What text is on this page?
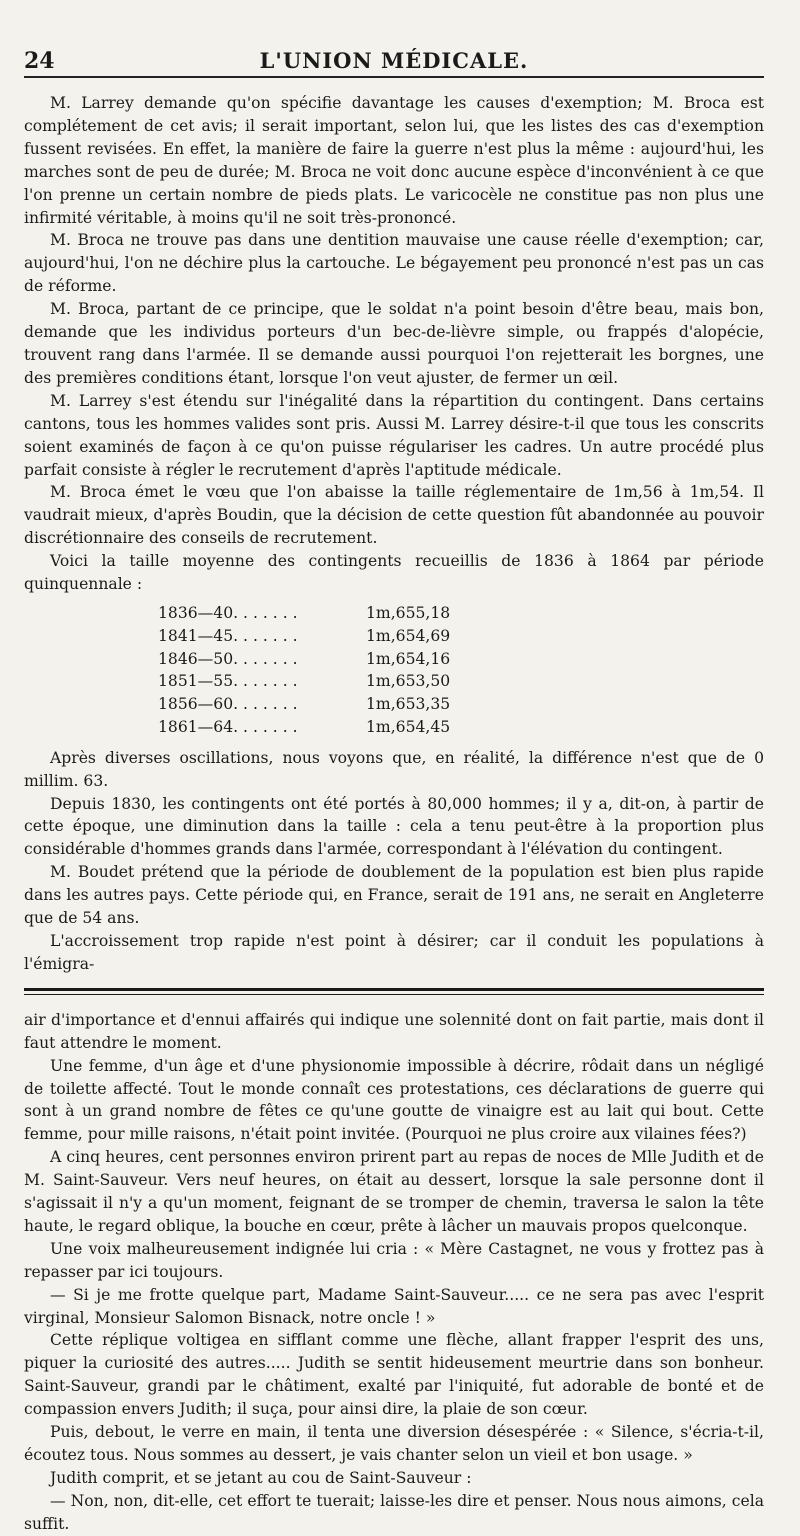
24	L'UNION MÉDICALE.

M. Larrey demande qu'on spécifie davantage les causes d'exemption; M. Broca est complétement de cet avis; il serait important, selon lui, que les listes des cas d'exemption fussent revisées. En effet, la manière de faire la guerre n'est plus la même : aujourd'hui, les marches sont de peu de durée; M. Broca ne voit donc aucune espèce d'inconvénient à ce que l'on prenne un certain nombre de pieds plats. Le varicocèle ne constitue pas non plus une infirmité véritable, à moins qu'il ne soit très-prononcé.

M. Broca ne trouve pas dans une dentition mauvaise une cause réelle d'exemption; car, aujourd'hui, l'on ne déchire plus la cartouche. Le bégayement peu prononcé n'est pas un cas de réforme.

M. Broca, partant de ce principe, que le soldat n'a point besoin d'être beau, mais bon, demande que les individus porteurs d'un bec-de-lièvre simple, ou frappés d'alopécie, trouvent rang dans l'armée. Il se demande aussi pourquoi l'on rejetterait les borgnes, une des premières conditions étant, lorsque l'on veut ajuster, de fermer un œil.

M. Larrey s'est étendu sur l'inégalité dans la répartition du contingent. Dans certains cantons, tous les hommes valides sont pris. Aussi M. Larrey désire-t-il que tous les conscrits soient examinés de façon à ce qu'on puisse régulariser les cadres. Un autre procédé plus parfait consiste à régler le recrutement d'après l'aptitude médicale.

M. Broca émet le vœu que l'on abaisse la taille réglementaire de 1m,56 à 1m,54. Il vaudrait mieux, d'après Boudin, que la décision de cette question fût abandonnée au pouvoir discrétionnaire des conseils de recrutement.

Voici la taille moyenne des contingents recueillis de 1836 à 1864 par période quinquennale :

1836—40. . . . . . .	1m,655,18
1841—45. . . . . . .	1m,654,69
1846—50. . . . . . .	1m,654,16
1851—55. . . . . . .	1m,653,50
1856—60. . . . . . .	1m,653,35
1861—64. . . . . . .	1m,654,45

Après diverses oscillations, nous voyons que, en réalité, la différence n'est que de 0 millim. 63.

Depuis 1830, les contingents ont été portés à 80,000 hommes; il y a, dit-on, à partir de cette époque, une diminution dans la taille : cela a tenu peut-être à la proportion plus considérable d'hommes grands dans l'armée, correspondant à l'élévation du contingent.

M. Boudet prétend que la période de doublement de la population est bien plus rapide dans les autres pays. Cette période qui, en France, serait de 191 ans, ne serait en Angleterre que de 54 ans.

L'accroissement trop rapide n'est point à désirer; car il conduit les populations à l'émigra-

air d'importance et d'ennui affairés qui indique une solennité dont on fait partie, mais dont il faut attendre le moment.

Une femme, d'un âge et d'une physionomie impossible à décrire, rôdait dans un négligé de toilette affecté. Tout le monde connaît ces protestations, ces déclarations de guerre qui sont à un grand nombre de fêtes ce qu'une goutte de vinaigre est au lait qui bout. Cette femme, pour mille raisons, n'était point invitée. (Pourquoi ne plus croire aux vilaines fées?)

A cinq heures, cent personnes environ prirent part au repas de noces de Mlle Judith et de M. Saint-Sauveur. Vers neuf heures, on était au dessert, lorsque la sale personne dont il s'agissait il n'y a qu'un moment, feignant de se tromper de chemin, traversa le salon la tête haute, le regard oblique, la bouche en cœur, prête à lâcher un mauvais propos quelconque.

Une voix malheureusement indignée lui cria : « Mère Castagnet, ne vous y frottez pas à repasser par ici toujours.

— Si je me frotte quelque part, Madame Saint-Sauveur..... ce ne sera pas avec l'esprit virginal, Monsieur Salomon Bisnack, notre oncle ! »

Cette réplique voltigea en sifflant comme une flèche, allant frapper l'esprit des uns, piquer la curiosité des autres..... Judith se sentit hideusement meurtrie dans son bonheur. Saint-Sauveur, grandi par le châtiment, exalté par l'iniquité, fut adorable de bonté et de compassion envers Judith; il suça, pour ainsi dire, la plaie de son cœur.

Puis, debout, le verre en main, il tenta une diversion désespérée : « Silence, s'écria-t-il, écoutez tous. Nous sommes au dessert, je vais chanter selon un vieil et bon usage. »

Judith comprit, et se jetant au cou de Saint-Sauveur :

— Non, non, dit-elle, cet effort te tuerait; laisse-les dire et penser. Nous nous aimons, cela suffit.
